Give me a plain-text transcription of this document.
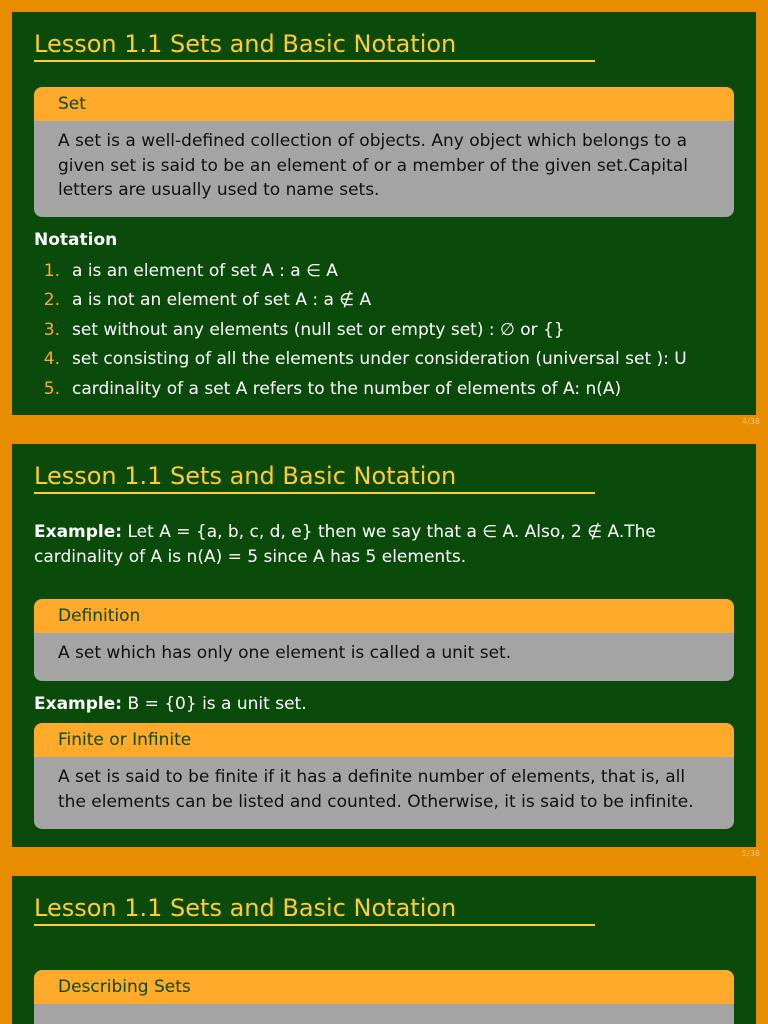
Lesson 1.1 Sets and Basic Notation
Set
A set is a well-defined collection of objects. Any object which belongs to a given set is said to be an element of or a member of the given set.Capital letters are usually used to name sets.
Notation
1. a is an element of set A : a ∈ A
2. a is not an element of set A : a ∉ A
3. set without any elements (null set or empty set) : ∅ or {}
4. set consisting of all the elements under consideration (universal set ): U
5. cardinality of a set A refers to the number of elements of A: n(A)
4/38
Lesson 1.1 Sets and Basic Notation
Example: Let A = {a, b, c, d, e} then we say that a ∈ A. Also, 2 ∉ A.The cardinality of A is n(A) = 5 since A has 5 elements.
Definition
A set which has only one element is called a unit set.
Example: B = {0} is a unit set.
Finite or Infinite
A set is said to be finite if it has a definite number of elements, that is, all the elements can be listed and counted. Otherwise, it is said to be infinite.
5/38
Lesson 1.1 Sets and Basic Notation
Describing Sets
